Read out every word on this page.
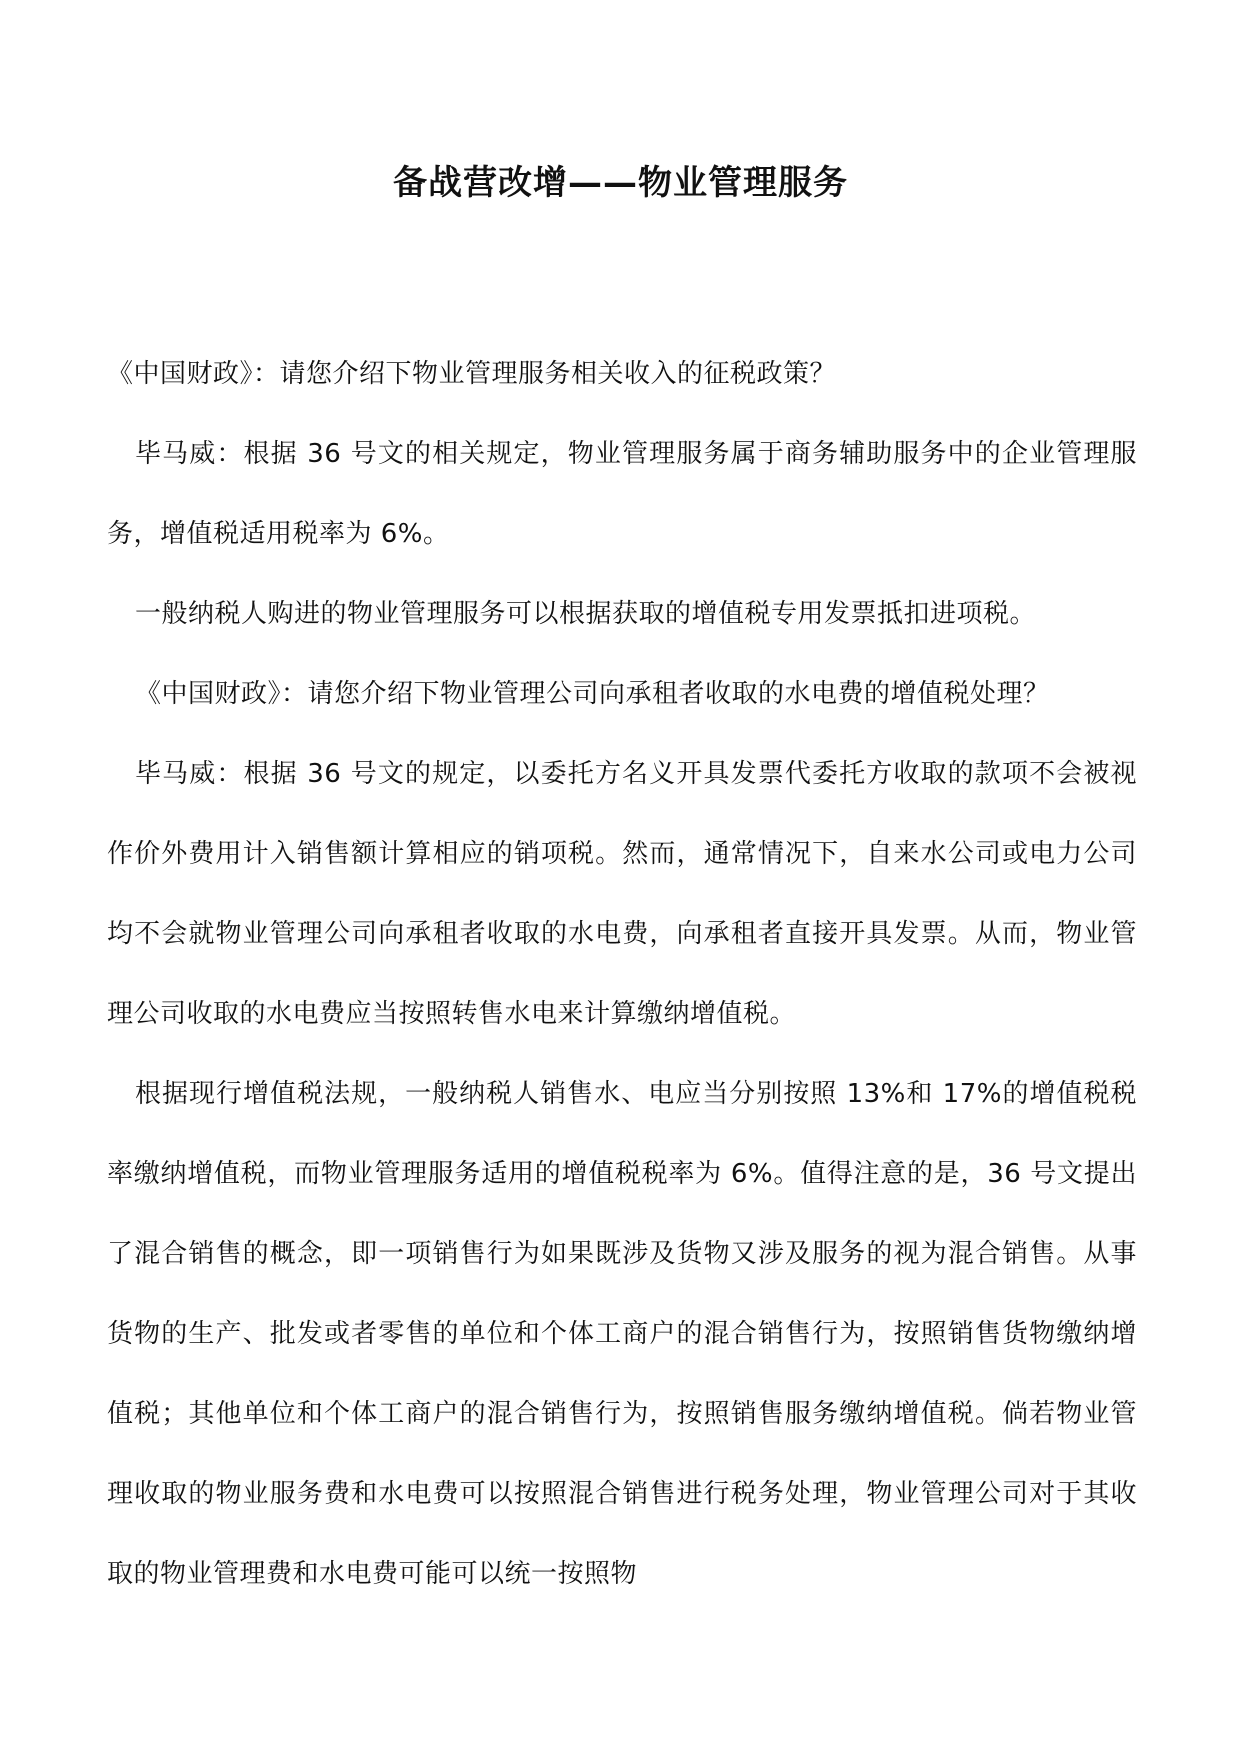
备战营改增——物业管理服务

《中国财政》：请您介绍下物业管理服务相关收入的征税政策？

毕马威：根据 36 号文的相关规定，物业管理服务属于商务辅助服务中的企业管理服务，增值税适用税率为 6%。

一般纳税人购进的物业管理服务可以根据获取的增值税专用发票抵扣进项税。

《中国财政》：请您介绍下物业管理公司向承租者收取的水电费的增值税处理？

毕马威：根据 36 号文的规定，以委托方名义开具发票代委托方收取的款项不会被视作价外费用计入销售额计算相应的销项税。然而，通常情况下，自来水公司或电力公司均不会就物业管理公司向承租者收取的水电费，向承租者直接开具发票。从而，物业管理公司收取的水电费应当按照转售水电来计算缴纳增值税。

根据现行增值税法规，一般纳税人销售水、电应当分别按照 13%和 17%的增值税税率缴纳增值税，而物业管理服务适用的增值税税率为 6%。值得注意的是，36 号文提出了混合销售的概念，即一项销售行为如果既涉及货物又涉及服务的视为混合销售。从事货物的生产、批发或者零售的单位和个体工商户的混合销售行为，按照销售货物缴纳增值税；其他单位和个体工商户的混合销售行为，按照销售服务缴纳增值税。倘若物业管理收取的物业服务费和水电费可以按照混合销售进行税务处理，物业管理公司对于其收取的物业管理费和水电费可能可以统一按照物
